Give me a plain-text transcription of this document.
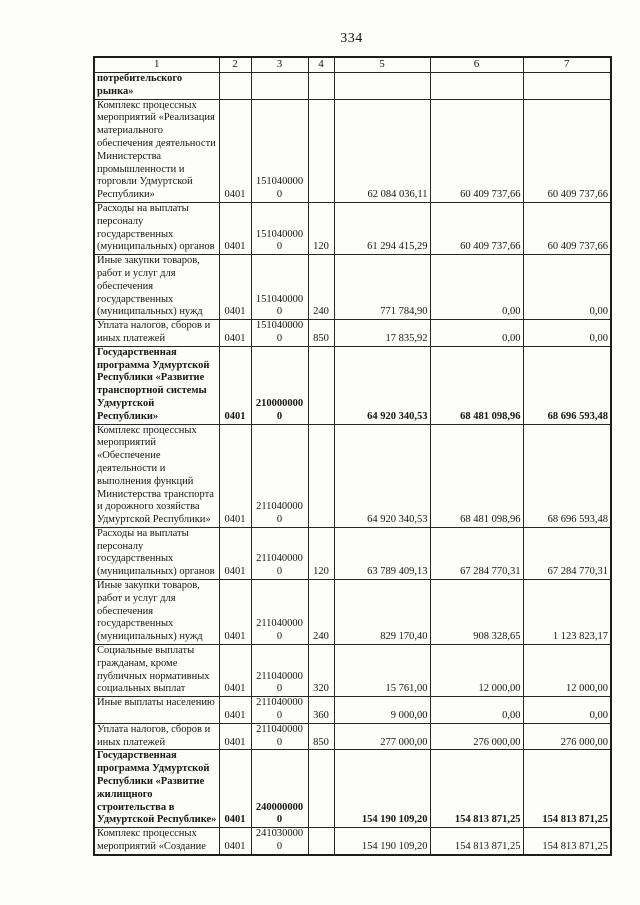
334
1	2	3	4	5	6	7
потребительского рынка»						
Комплекс процессных мероприятий «Реализация материального обеспечения деятельности Министерства промышленности и торговли Удмуртской Республики»	0401	1510400000		62 084 036,11	60 409 737,66	60 409 737,66
Расходы на выплаты персоналу государственных (муниципальных) органов	0401	1510400000	120	61 294 415,29	60 409 737,66	60 409 737,66
Иные закупки товаров, работ и услуг для обеспечения государственных (муниципальных) нужд	0401	1510400000	240	771 784,90	0,00	0,00
Уплата налогов, сборов и иных платежей	0401	1510400000	850	17 835,92	0,00	0,00
Государственная программа Удмуртской Республики «Развитие транспортной системы Удмуртской Республики»	0401	2100000000		64 920 340,53	68 481 098,96	68 696 593,48
Комплекс процессных мероприятий «Обеспечение деятельности и выполнения функций Министерства транспорта и дорожного хозяйства Удмуртской Республики»	0401	2110400000		64 920 340,53	68 481 098,96	68 696 593,48
Расходы на выплаты персоналу государственных (муниципальных) органов	0401	2110400000	120	63 789 409,13	67 284 770,31	67 284 770,31
Иные закупки товаров, работ и услуг для обеспечения государственных (муниципальных) нужд	0401	2110400000	240	829 170,40	908 328,65	1 123 823,17
Социальные выплаты гражданам, кроме публичных нормативных социальных выплат	0401	2110400000	320	15 761,00	12 000,00	12 000,00
Иные выплаты населению	0401	2110400000	360	9 000,00	0,00	0,00
Уплата налогов, сборов и иных платежей	0401	2110400000	850	277 000,00	276 000,00	276 000,00
Государственная программа Удмуртской Республики «Развитие жилищного строительства в Удмуртской Республике»	0401	2400000000		154 190 109,20	154 813 871,25	154 813 871,25
Комплекс процессных мероприятий «Создание	0401	2410300000		154 190 109,20	154 813 871,25	154 813 871,25
